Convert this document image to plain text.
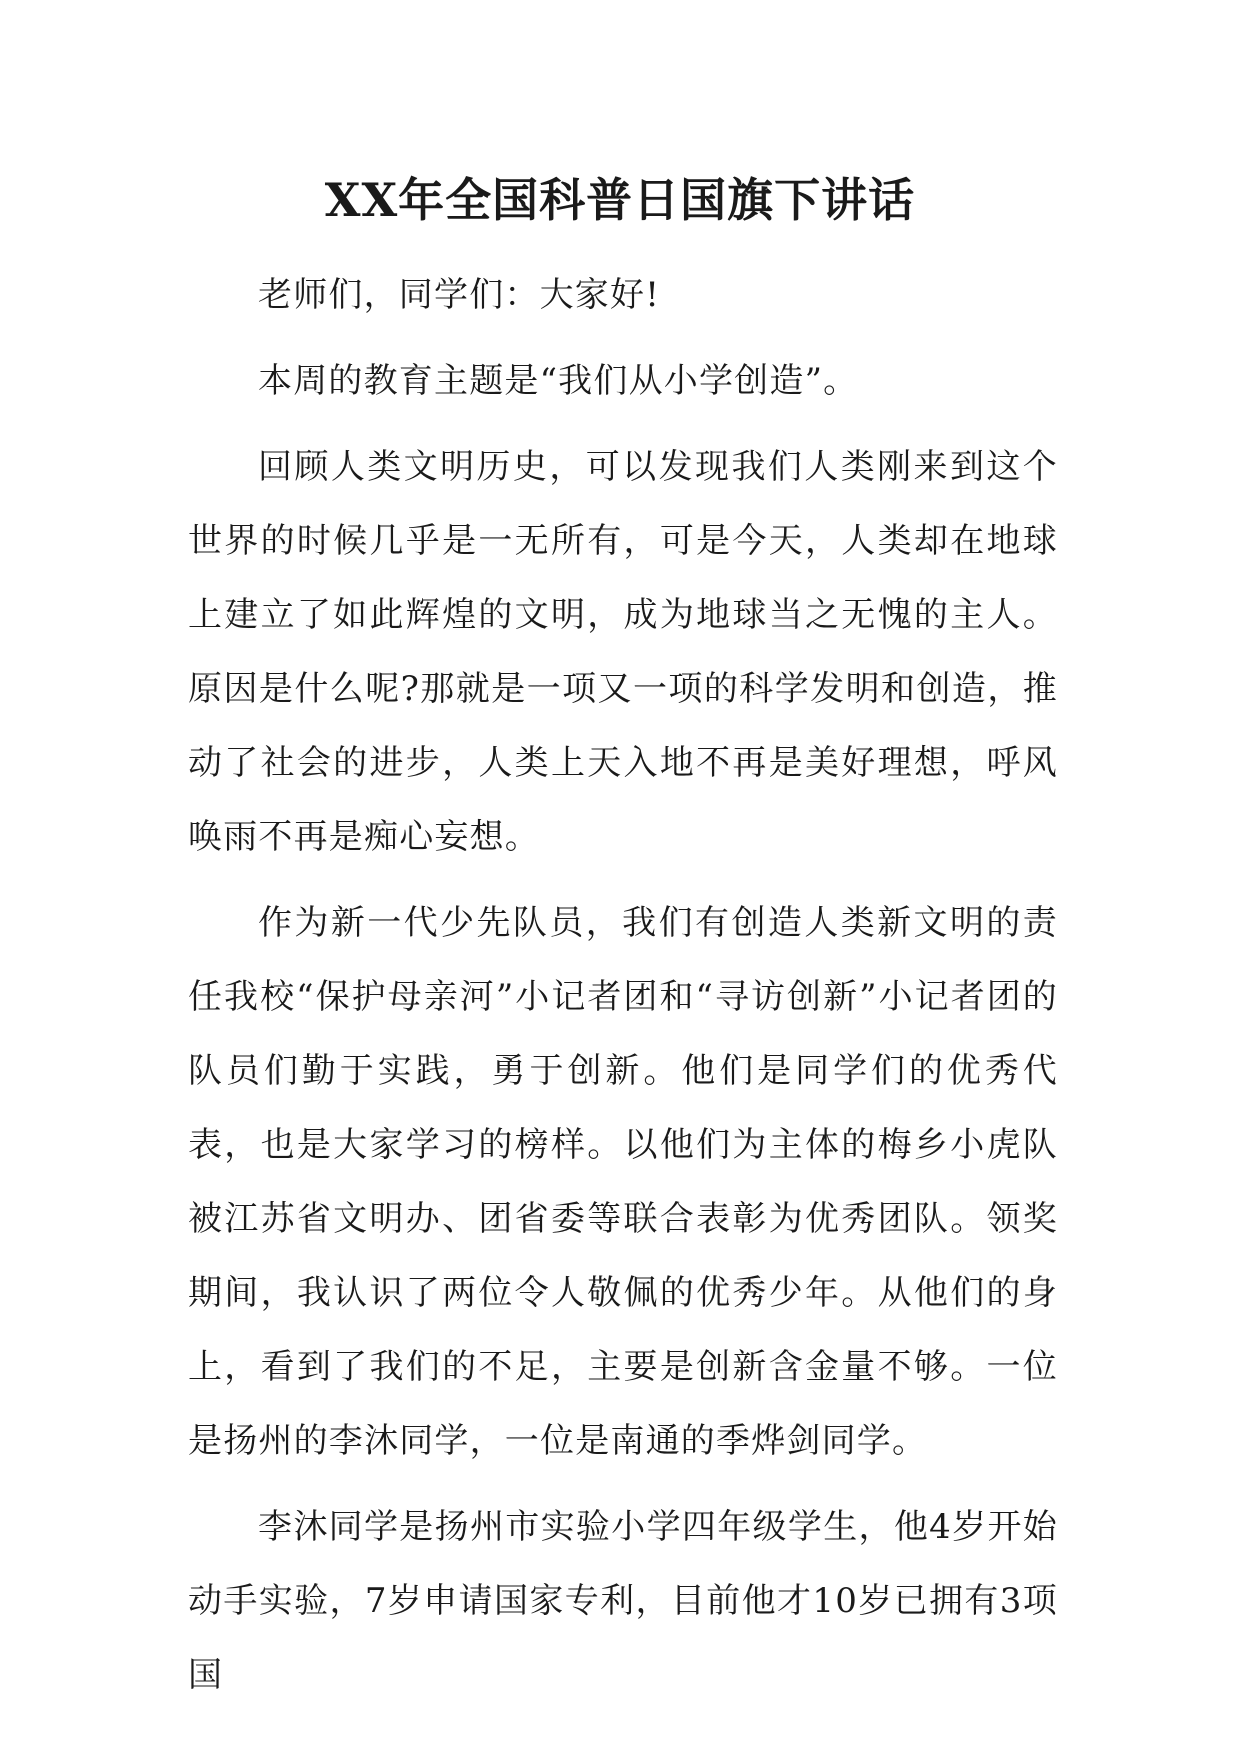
XX年全国科普日国旗下讲话

老师们，同学们：大家好!

本周的教育主题是“我们从小学创造”。

回顾人类文明历史，可以发现我们人类刚来到这个世界的时候几乎是一无所有，可是今天，人类却在地球上建立了如此辉煌的文明，成为地球当之无愧的主人。原因是什么呢?那就是一项又一项的科学发明和创造，推动了社会的进步，人类上天入地不再是美好理想，呼风唤雨不再是痴心妄想。

作为新一代少先队员，我们有创造人类新文明的责任我校“保护母亲河”小记者团和“寻访创新”小记者团的队员们勤于实践，勇于创新。他们是同学们的优秀代表，也是大家学习的榜样。以他们为主体的梅乡小虎队被江苏省文明办、团省委等联合表彰为优秀团队。领奖期间，我认识了两位令人敬佩的优秀少年。从他们的身上，看到了我们的不足，主要是创新含金量不够。一位是扬州的李沐同学，一位是南通的季烨剑同学。

李沐同学是扬州市实验小学四年级学生，他4岁开始动手实验，7岁申请国家专利，目前他才10岁已拥有3项国
